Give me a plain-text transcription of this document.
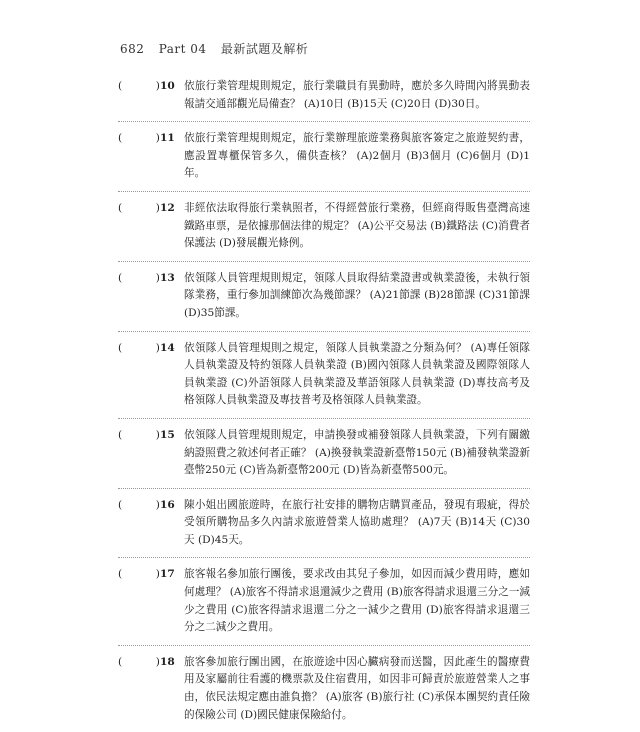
682 Part 04 最新試題及解析
(          ) 10 依旅行業管理規則規定，旅行業職員有異動時，應於多久時間內將異動表報請交通部觀光局備查？ (A)10日 (B)15天 (C)20日 (D)30日。
(          ) 11 依旅行業管理規則規定，旅行業辦理旅遊業務與旅客簽定之旅遊契約書，應設置專櫃保管多久，備供查核？ (A)2個月 (B)3個月 (C)6個月 (D)1年。
(          ) 12 非經依法取得旅行業執照者，不得經營旅行業務，但經商得販售臺灣高速鐵路車票，是依據那個法律的規定？ (A)公平交易法 (B)鐵路法 (C)消費者保護法 (D)發展觀光條例。
(          ) 13 依領隊人員管理規則規定，領隊人員取得結業證書或執業證後，未執行領隊業務，重行參加訓練節次為幾節課？ (A)21節課 (B)28節課 (C)31節課 (D)35節課。
(          ) 14 依領隊人員管理規則之規定，領隊人員執業證之分類為何？ (A)專任領隊人員執業證及特約領隊人員執業證 (B)國內領隊人員執業證及國際領隊人員執業證 (C)外語領隊人員執業證及華語領隊人員執業證 (D)專技高考及格領隊人員執業證及專技普考及格領隊人員執業證。
(          ) 15 依領隊人員管理規則規定，申請換發或補發領隊人員執業證，下列有關繳納證照費之敘述何者正確？ (A)換發執業證新臺幣150元 (B)補發執業證新臺幣250元 (C)皆為新臺幣200元 (D)皆為新臺幣500元。
(          ) 16 陳小姐出國旅遊時，在旅行社安排的購物店購買產品，發現有瑕疵，得於受領所購物品多久內請求旅遊營業人協助處理？ (A)7天 (B)14天 (C)30天 (D)45天。
(          ) 17 旅客報名參加旅行團後，要求改由其兒子參加，如因而減少費用時，應如何處理？ (A)旅客不得請求退還減少之費用 (B)旅客得請求退還三分之一減少之費用 (C)旅客得請求退還二分之一減少之費用 (D)旅客得請求退還三分之二減少之費用。
(          ) 18 旅客參加旅行團出國，在旅遊途中因心臟病發而送醫，因此產生的醫療費用及家屬前往看護的機票款及住宿費用，如因非可歸責於旅遊營業人之事由，依民法規定應由誰負擔？ (A)旅客 (B)旅行社 (C)承保本團契約責任險的保險公司 (D)國民健康保險給付。
